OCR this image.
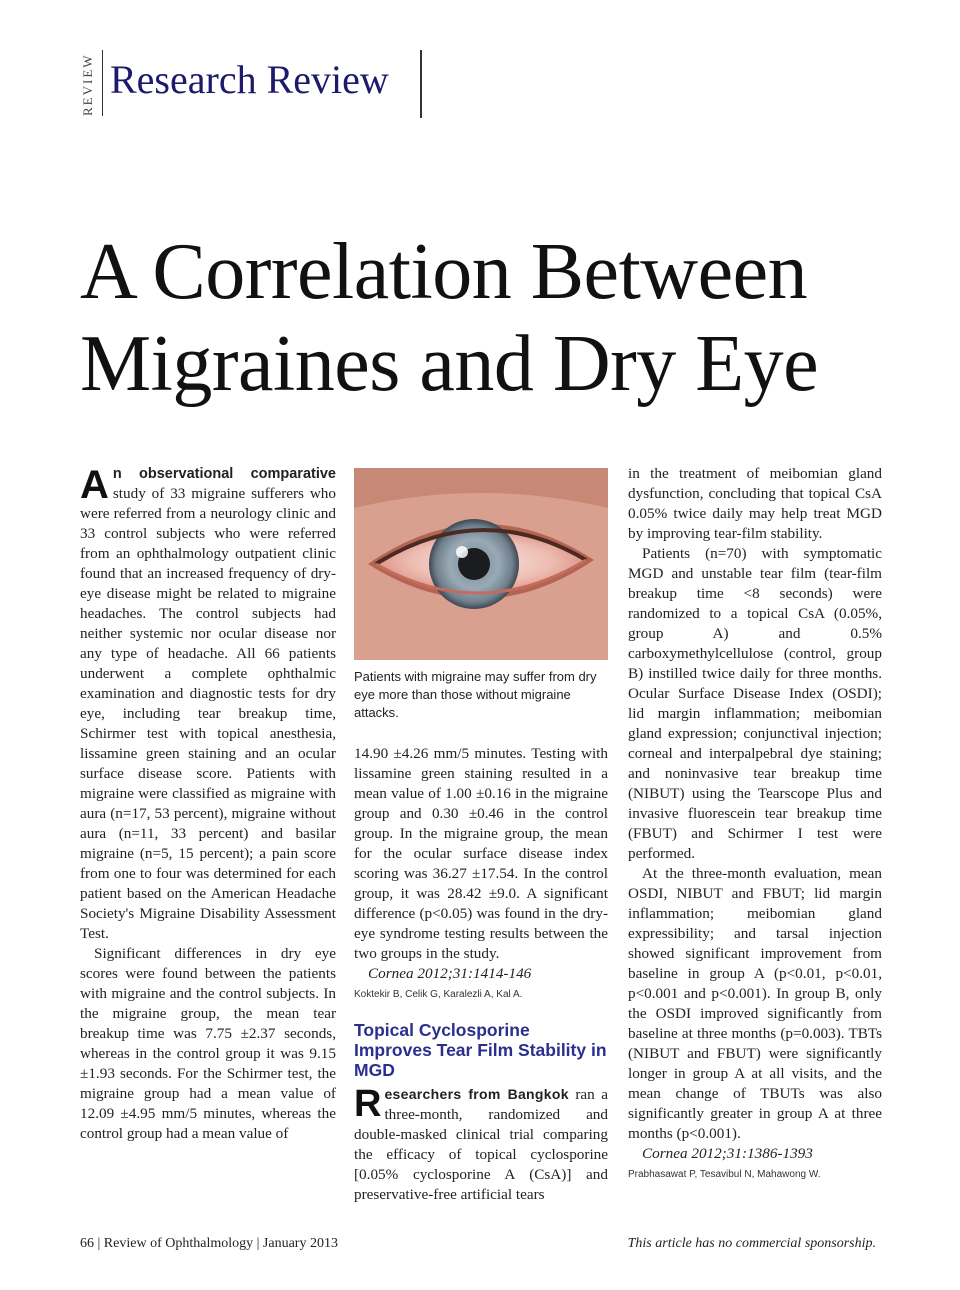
REVIEW Research Review
A Correlation Between
Migraines and Dry Eye

An observational comparative study of 33 migraine sufferers who were referred from a neurology clinic and 33 control subjects who were referred from an ophthalmology outpatient clinic found that an increased frequency of dry-eye disease might be related to migraine headaches. The control subjects had neither systemic nor ocular disease nor any type of headache. All 66 patients underwent a complete ophthalmic examination and diagnostic tests for dry eye, including tear breakup time, Schirmer test with topical anesthesia, lissamine green staining and an ocular surface disease score. Patients with migraine were classified as migraine with aura (n=17, 53 percent), migraine without aura (n=11, 33 percent) and basilar migraine (n=5, 15 percent); a pain score from one to four was determined for each patient based on the American Headache Society's Migraine Disability Assessment Test.

Significant differences in dry eye scores were found between the patients with migraine and the control subjects. In the migraine group, the mean tear breakup time was 7.75 ±2.37 seconds, whereas in the control group it was 9.15 ±1.93 seconds. For the Schirmer test, the migraine group had a mean value of 12.09 ±4.95 mm/5 minutes, whereas the control group had a mean value of

Patients with migraine may suffer from dry eye more than those without migraine attacks.

14.90 ±4.26 mm/5 minutes. Testing with lissamine green staining resulted in a mean value of 1.00 ±0.16 in the migraine group and 0.30 ±0.46 in the control group. In the migraine group, the mean for the ocular surface disease index scoring was 36.27 ±17.54. In the control group, it was 28.42 ±9.0. A significant difference (p<0.05) was found in the dry-eye syndrome testing results between the two groups in the study.

Cornea 2012;31:1414-146

Koktekir B, Celik G, Karalezli A, Kal A.

Topical Cyclosporine Improves Tear Film Stability in MGD

Researchers from Bangkok ran a three-month, randomized and double-masked clinical trial comparing the efficacy of topical cyclosporine [0.05% cyclosporine A (CsA)] and preservative-free artificial tears

in the treatment of meibomian gland dysfunction, concluding that topical CsA 0.05% twice daily may help treat MGD by improving tear-film stability.

Patients (n=70) with symptomatic MGD and unstable tear film (tear-film breakup time <8 seconds) were randomized to a topical CsA (0.05%, group A) and 0.5% carboxymethylcellulose (control, group B) instilled twice daily for three months. Ocular Surface Disease Index (OSDI); lid margin inflammation; meibomian gland expression; conjunctival injection; corneal and interpalpebral dye staining; and noninvasive tear breakup time (NIBUT) using the Tearscope Plus and invasive fluorescein tear breakup time (FBUT) and Schirmer I test were performed.

At the three-month evaluation, mean OSDI, NIBUT and FBUT; lid margin inflammation; meibomian gland expressibility; and tarsal injection showed significant improvement from baseline in group A (p<0.01, p<0.01, p<0.001 and p<0.001). In group B, only the OSDI improved significantly from baseline at three months (p=0.003). TBTs (NIBUT and FBUT) were significantly longer in group A at all visits, and the mean change of TBUTs was also significantly greater in group A at three months (p<0.001).

Cornea 2012;31:1386-1393

Prabhasawat P, Tesavibul N, Mahawong W.

66 | Review of Ophthalmology | January 2013	This article has no commercial sponsorship.
